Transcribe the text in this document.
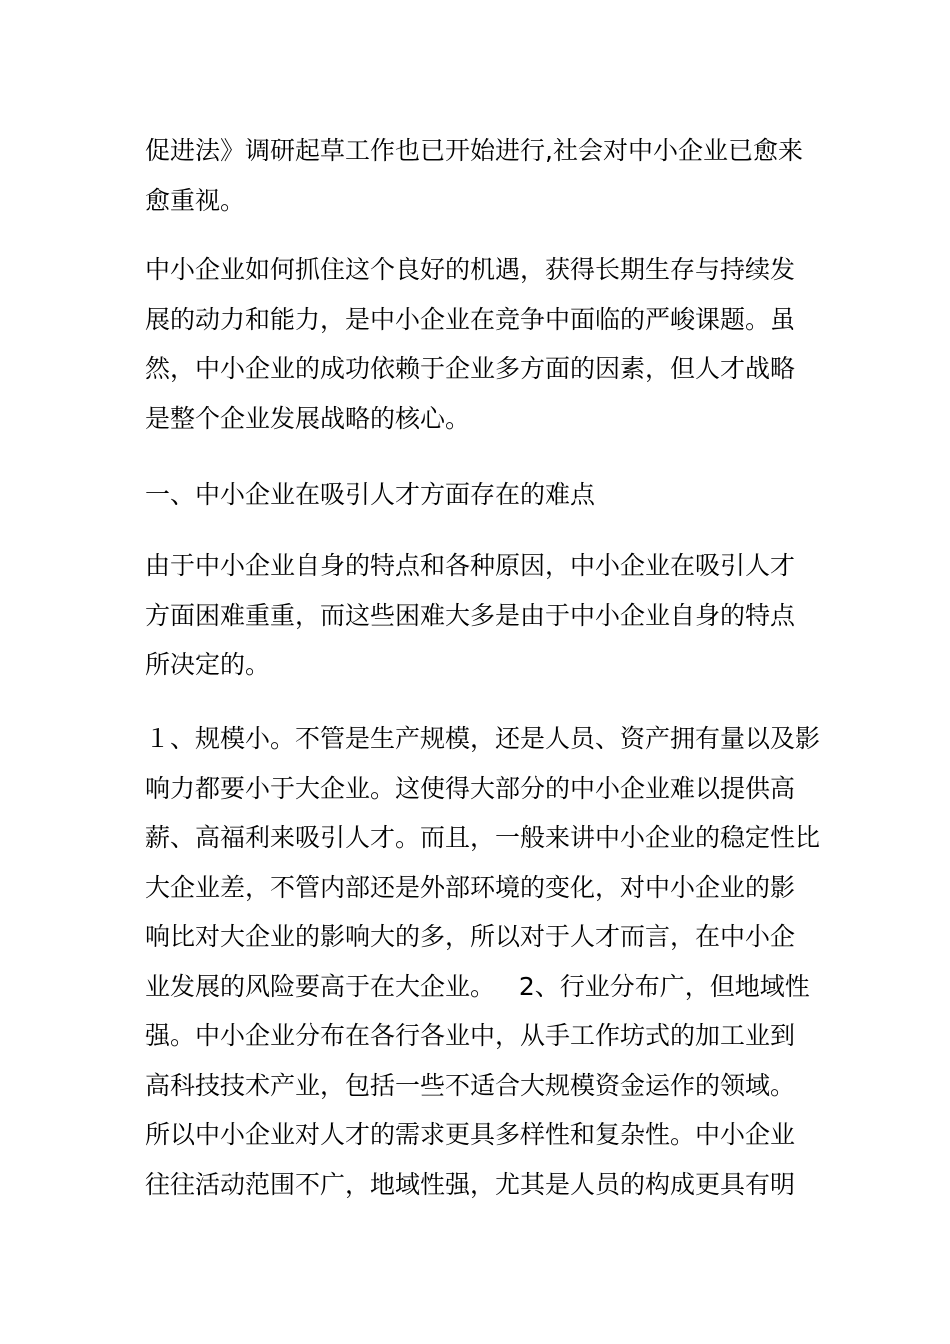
促进法》调研起草工作也已开始进行,社会对中小企业已愈来
愈重视。
中小企业如何抓住这个良好的机遇，获得长期生存与持续发
展的动力和能力，是中小企业在竞争中面临的严峻课题。虽
然，中小企业的成功依赖于企业多方面的因素，但人才战略
是整个企业发展战略的核心。
一、中小企业在吸引人才方面存在的难点
由于中小企业自身的特点和各种原因，中小企业在吸引人才
方面困难重重，而这些困难大多是由于中小企业自身的特点
所决定的。
１、规模小。不管是生产规模，还是人员、资产拥有量以及影
响力都要小于大企业。这使得大部分的中小企业难以提供高
薪、高福利来吸引人才。而且，一般来讲中小企业的稳定性比
大企业差，不管内部还是外部环境的变化，对中小企业的影
响比对大企业的影响大的多，所以对于人才而言，在中小企
业发展的风险要高于在大企业。   2、行业分布广，但地域性
强。中小企业分布在各行各业中，从手工作坊式的加工业到
高科技技术产业，包括一些不适合大规模资金运作的领域。
所以中小企业对人才的需求更具多样性和复杂性。中小企业
往往活动范围不广，地域性强，尤其是人员的构成更具有明
